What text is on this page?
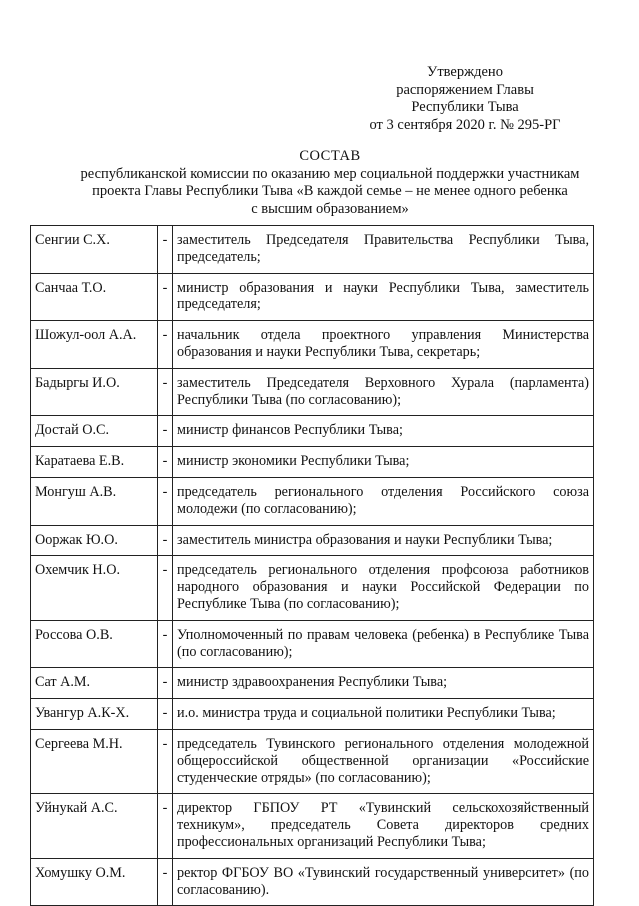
Утверждено
распоряжением Главы
Республики Тыва
от 3 сентября 2020 г. № 295-РГ
СОСТАВ
республиканской комиссии по оказанию мер социальной поддержки участникам
проекта Главы Республики Тыва «В каждой семье – не менее одного ребенка
с высшим образованием»
Сенгии С.Х.	-	заместитель Председателя Правительства Республики Тыва, председатель;
Санчаа Т.О.	-	министр образования и науки Республики Тыва, заместитель председателя;
Шожул-оол А.А.	-	начальник отдела проектного управления Министерства образования и науки Республики Тыва, секретарь;
Бадыргы И.О.	-	заместитель Председателя Верховного Хурала (парламента) Республики Тыва (по согласованию);
Достай О.С.	-	министр финансов Республики Тыва;
Каратаева Е.В.	-	министр экономики Республики Тыва;
Монгуш А.В.	-	председатель регионального отделения Российского союза молодежи (по согласованию);
Ооржак Ю.О.	-	заместитель министра образования и науки Республики Тыва;
Охемчик Н.О.	-	председатель регионального отделения профсоюза работников народного образования и науки Российской Федерации по Республике Тыва (по согласованию);
Россова О.В.	-	Уполномоченный по правам человека (ребенка) в Республике Тыва (по согласованию);
Сат А.М.	-	министр здравоохранения Республики Тыва;
Увангур А.К-Х.	-	и.о. министра труда и социальной политики Республики Тыва;
Сергеева М.Н.	-	председатель Тувинского регионального отделения молодежной общероссийской общественной организации «Российские студенческие отряды» (по согласованию);
Уйнукай А.С.	-	директор ГБПОУ РТ «Тувинский сельскохозяйственный техникум», председатель Совета директоров средних профессиональных организаций Республики Тыва;
Хомушку О.М.	-	ректор ФГБОУ ВО «Тувинский государственный университет» (по согласованию).
